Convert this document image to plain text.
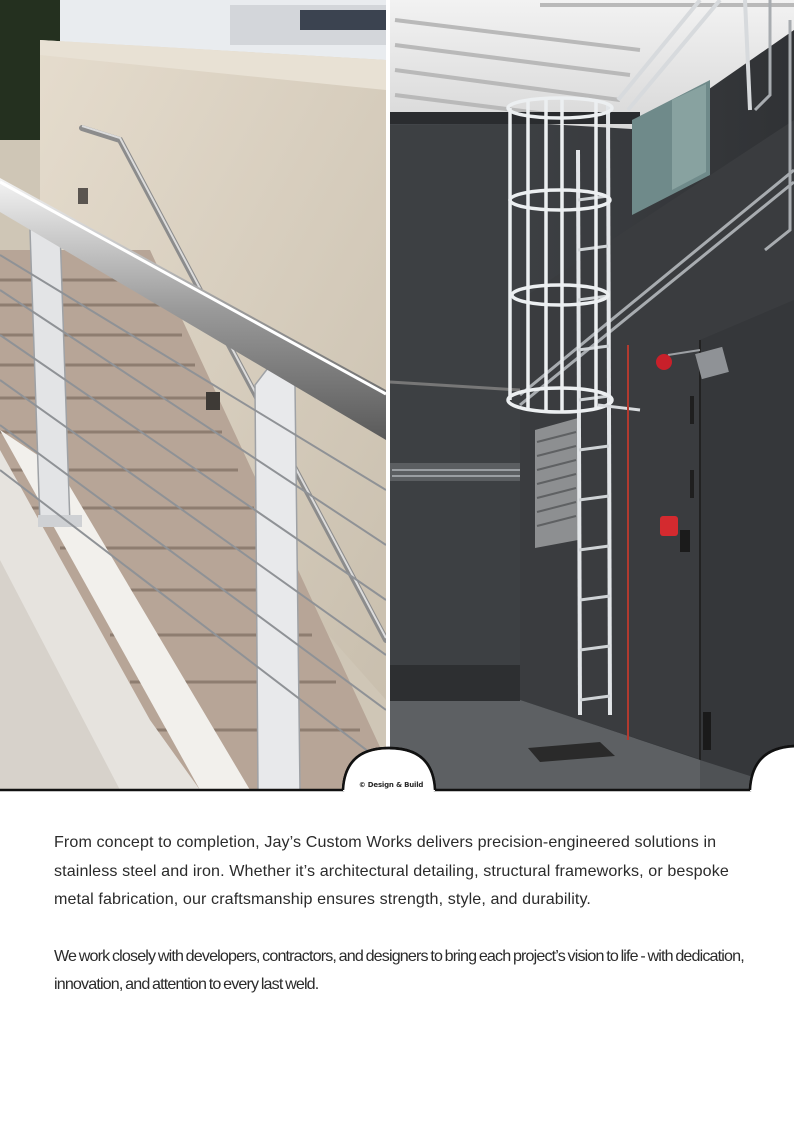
© Design & Build

From concept to completion, Jay’s Custom Works delivers precision-engineered solutions in stainless steel and iron. Whether it’s architectural detailing, structural frameworks, or bespoke metal fabrication, our craftsmanship ensures strength, style, and durability.

We work closely with developers, contractors, and designers to bring each project’s vision to life - with dedication, innovation, and attention to every last weld.
